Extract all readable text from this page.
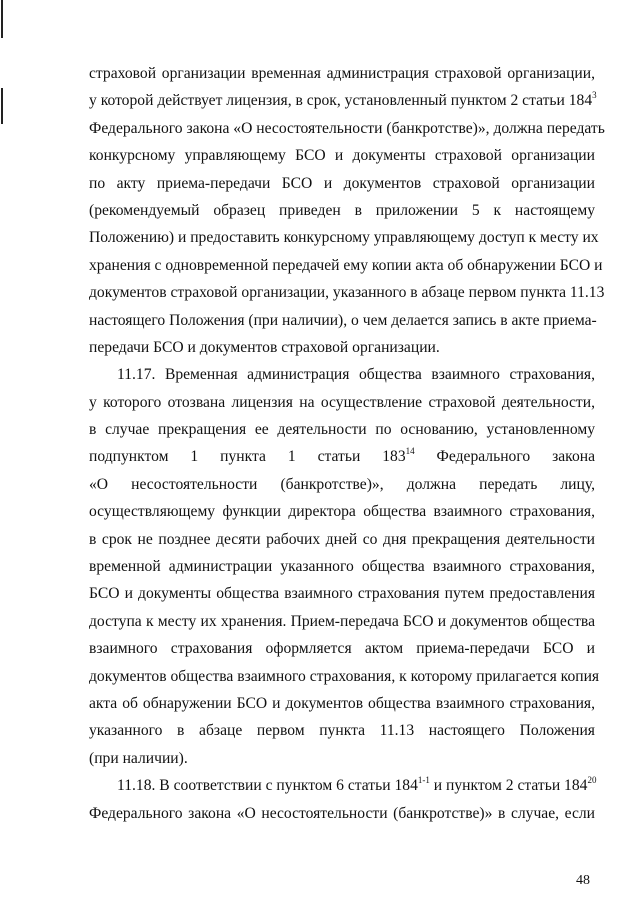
страховой организации временная администрация страховой организации,
у которой действует лицензия, в срок, установленный пунктом 2 статьи $184^3$
Федерального закона «О несостоятельности (банкротстве)», должна передать
конкурсному управляющему БСО и документы страховой организации
по акту приема-передачи БСО и документов страховой организации
(рекомендуемый образец приведен в приложении 5 к настоящему
Положению) и предоставить конкурсному управляющему доступ к месту их
хранения с одновременной передачей ему копии акта об обнаружении БСО и
документов страховой организации, указанного в абзаце первом пункта 11.13
настоящего Положения (при наличии), о чем делается запись в акте приема-
передачи БСО и документов страховой организации.
11.17. Временная администрация общества взаимного страхования,
у которого отозвана лицензия на осуществление страховой деятельности,
в случае прекращения ее деятельности по основанию, установленному
подпунктом 1 пункта 1 статьи $183^{14}$ Федерального закона
«О несостоятельности (банкротстве)», должна передать лицу,
осуществляющему функции директора общества взаимного страхования,
в срок не позднее десяти рабочих дней со дня прекращения деятельности
временной администрации указанного общества взаимного страхования,
БСО и документы общества взаимного страхования путем предоставления
доступа к месту их хранения. Прием-передача БСО и документов общества
взаимного страхования оформляется актом приема-передачи БСО и
документов общества взаимного страхования, к которому прилагается копия
акта об обнаружении БСО и документов общества взаимного страхования,
указанного в абзаце первом пункта 11.13 настоящего Положения
(при наличии).
11.18. В соответствии с пунктом 6 статьи 184$^{1-1}$ и пунктом 2 статьи $184^{20}$
Федерального закона «О несостоятельности (банкротстве)» в случае, если
48
